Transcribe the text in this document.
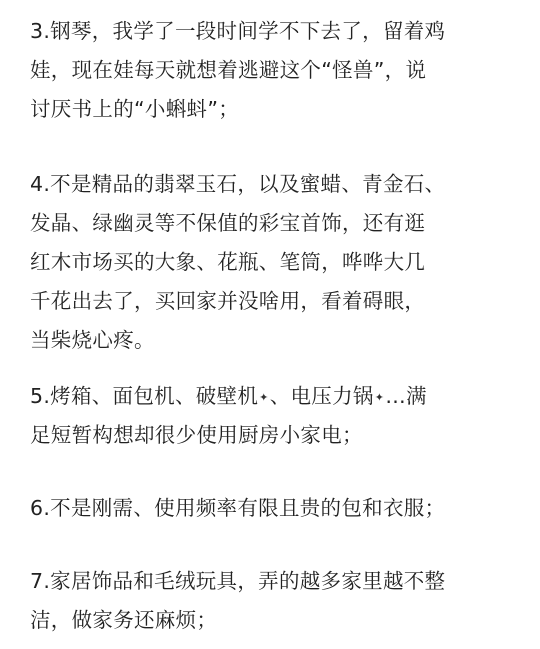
3.钢琴，我学了一段时间学不下去了，留着鸡
娃，现在娃每天就想着逃避这个“怪兽”，说
讨厌书上的“小蝌蚪”；
4.不是精品的翡翠玉石，以及蜜蜡、青金石、
发晶、绿幽灵等不保值的彩宝首饰，还有逛
红木市场买的大象、花瓶、笔筒，哗哗大几
千花出去了，买回家并没啥用，看着碍眼，
当柴烧心疼。
5.烤箱、面包机、破壁机✦、电压力锅✦…满
足短暂构想却很少使用厨房小家电；
6.不是刚需、使用频率有限且贵的包和衣服；
7.家居饰品和毛绒玩具，弄的越多家里越不整
洁，做家务还麻烦；
